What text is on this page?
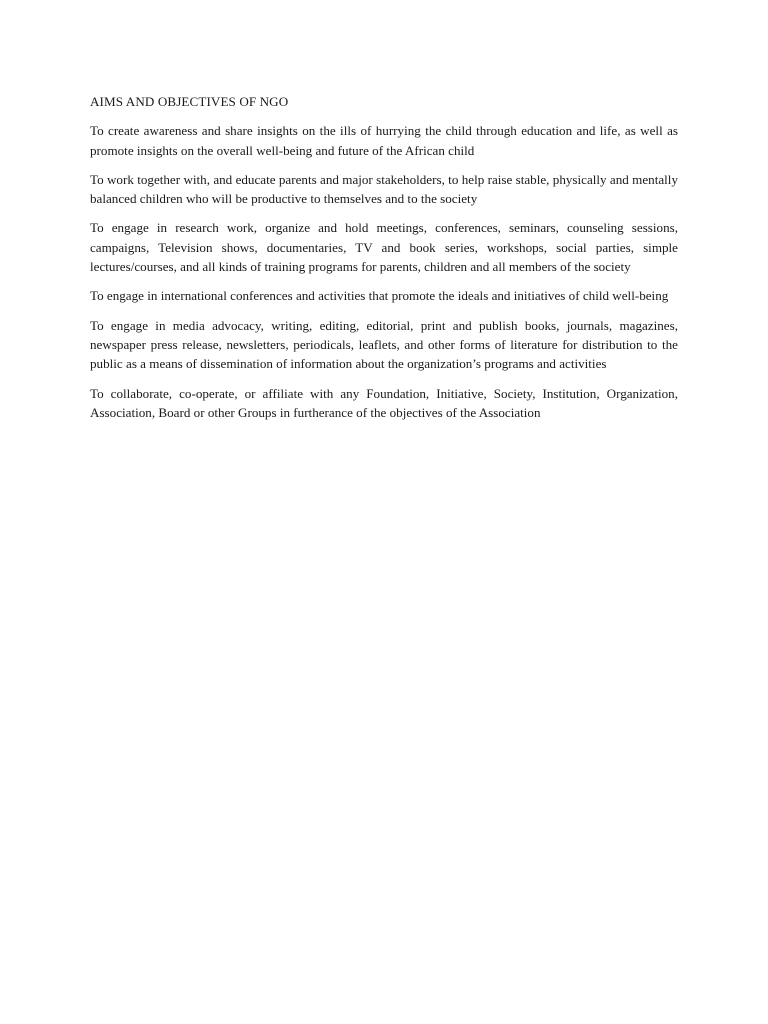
AIMS AND OBJECTIVES OF NGO

To create awareness and share insights on the ills of hurrying the child through education and life, as well as promote insights on the overall well-being and future of the African child

To work together with, and educate parents and major stakeholders, to help raise stable, physically and mentally balanced children who will be productive to themselves and to the society

To engage in research work, organize and hold meetings, conferences, seminars, counseling sessions, campaigns, Television shows, documentaries, TV and book series, workshops, social parties, simple lectures/courses, and all kinds of training programs for parents, children and all members of the society

To engage in international conferences and activities that promote the ideals and initiatives of child well-being

To engage in media advocacy, writing, editing, editorial, print and publish books, journals, magazines, newspaper press release, newsletters, periodicals, leaflets, and other forms of literature for distribution to the public as a means of dissemination of information about the organization’s programs and activities

To collaborate, co-operate, or affiliate with any Foundation, Initiative, Society, Institution, Organization, Association, Board or other Groups in furtherance of the objectives of the Association
